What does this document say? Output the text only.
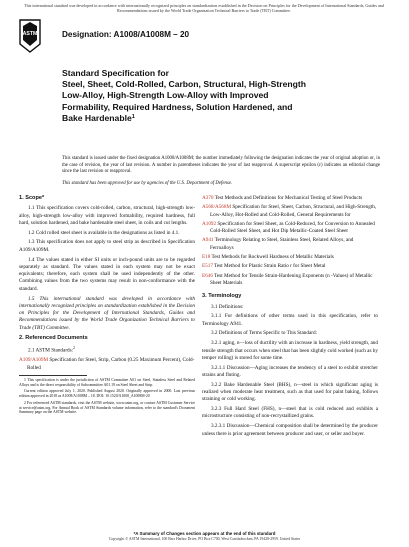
This international standard was developed in accordance with internationally recognized principles on standardization established in the Decision on Principles for the Development of International Standards, Guides and Recommendations issued by the World Trade Organization Technical Barriers to Trade (TBT) Committee.
ASTM	Designation: A1008/A1008M – 20
Standard Specification for
Steel, Sheet, Cold-Rolled, Carbon, Structural, High-Strength
Low-Alloy, High-Strength Low-Alloy with Improved
Formability, Required Hardness, Solution Hardened, and
Bake Hardenable$^1$
This standard is issued under the fixed designation A1008/A1008M; the number immediately following the designation indicates the year of original adoption or, in the case of revision, the year of last revision. A number in parentheses indicates the year of last reapproval. A superscript epsilon (ε) indicates an editorial change since the last revision or reapproval.
This standard has been approved for use by agencies of the U.S. Department of Defense.
1. Scope*

1.1 This specification covers cold-rolled, carbon, structural, high-strength low-alloy, high-strength low-alloy with improved formability, required hardness, full hard, solution hardened, and bake hardenable steel sheet, in coils and cut lengths.

1.2 Cold rolled steel sheet is available in the designations as listed in 4.1.

1.3 This specification does not apply to steel strip as described in Specification A109/A109M.

1.4 The values stated in either SI units or inch-pound units are to be regarded separately as standard. The values stated in each system may not be exact equivalents; therefore, each system shall be used independently of the other. Combining values from the two systems may result in non-conformance with the standard.

1.5 This international standard was developed in accordance with internationally recognized principles on standardization established in the Decision on Principles for the Development of International Standards, Guides and Recommendations issued by the World Trade Organization Technical Barriers to Trade (TBT) Committee.

2. Referenced Documents

2.1 ASTM Standards:$^2$

A109/A109M Specification for Steel, Strip, Carbon (0.25 Maximum Percent), Cold-Rolled

1 This specification is under the jurisdiction of ASTM Committee A01 on Steel, Stainless Steel and Related Alloys and is the direct responsibility of Subcommittee A01.19 on Steel Sheet and Strip.

Current edition approved July 1, 2020. Published August 2020. Originally approved in 2000. Last previous edition approved in 2018 as A1008/A1008M – 18. DOI: 10.1520/A1008_A1008M-20

2 For referenced ASTM standards, visit the ASTM website, www.astm.org, or contact ASTM Customer Service at service@astm.org. For Annual Book of ASTM Standards volume information, refer to the standard's Document Summary page on the ASTM website.

A370 Test Methods and Definitions for Mechanical Testing of Steel Products

A568/A568M Specification for Steel, Sheet, Carbon, Structural, and High-Strength, Low-Alloy, Hot-Rolled and Cold-Rolled, General Requirements for

A1092 Specification for Steel Sheet, as Cold-Reduced, for Conversion to Annealed Cold-Rolled Steel Sheet, and Hot Dip Metallic-Coated Steel Sheet

A941 Terminology Relating to Steel, Stainless Steel, Related Alloys, and Ferroalloys

E18 Test Methods for Rockwell Hardness of Metallic Materials

E517 Test Method for Plastic Strain Ratio r for Sheet Metal

E646 Test Method for Tensile Strain-Hardening Exponents (n -Values) of Metallic Sheet Materials

3. Terminology

3.1 Definitions:

3.1.1 For definitions of other terms used in this specification, refer to Terminology A941.

3.2 Definitions of Terms Specific to This Standard:

3.2.1 aging, n—loss of ductility with an increase in hardness, yield strength, and tensile strength that occurs when steel that has been slightly cold worked (such as by temper rolling) is stored for some time.

3.2.1.1 Discussion—Aging increases the tendency of a steel to exhibit stretcher strains and fluting.

3.2.2 Bake Hardenable Steel (BHS), n—steel in which significant aging is realized when moderate heat treatment, such as that used for paint baking, follows straining or cold working.

3.2.3 Full Hard Steel (FHS), n—steel that is cold reduced and exhibits a microstructure consisting of non-recrystallized grains.

3.2.3.1 Discussion—Chemical composition shall be determined by the producer unless there is prior agreement between producer and user, or seller and buyer.

*A Summary of Changes section appears at the end of this standard
Copyright © ASTM International, 100 Barr Harbor Drive, PO Box C700, West Conshohocken, PA 19428-2959. United States
